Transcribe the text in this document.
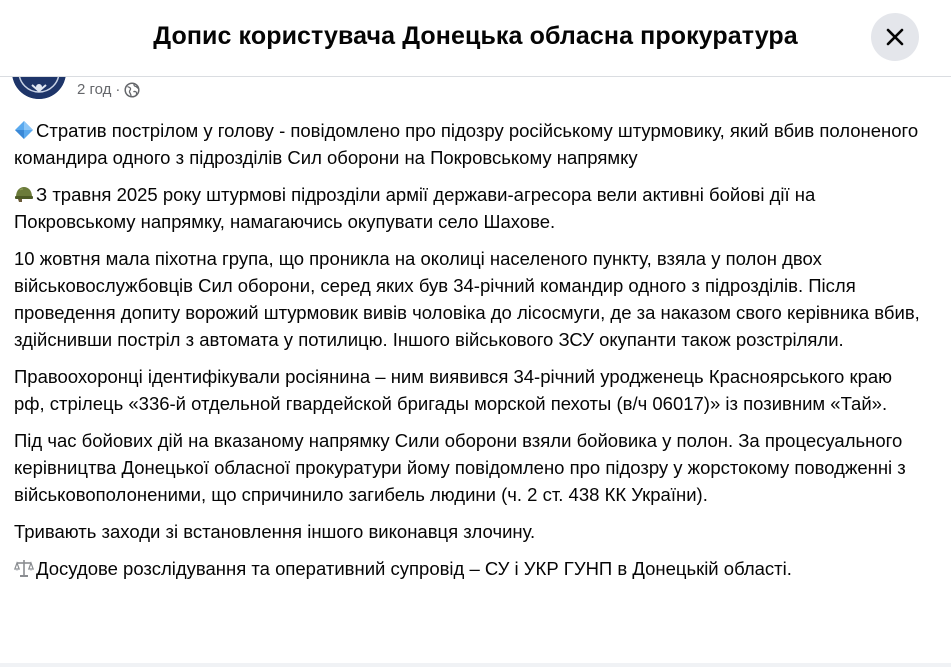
Допис користувача Донецька обласна прокуратура
2 год ·

Стратив пострілом у голову - повідомлено про підозру російському штурмовику, який вбив полоненого командира одного з підрозділів Сил оборони на Покровському напрямку

З травня 2025 року штурмові підрозділи армії держави-агресора вели активні бойові дії на Покровському напрямку, намагаючись окупувати село Шахове.

10 жовтня мала піхотна група, що проникла на околиці населеного пункту, взяла у полон двох військовослужбовців Сил оборони, серед яких був 34-річний командир одного з підрозділів. Після проведення допиту ворожий штурмовик вивів чоловіка до лісосмуги, де за наказом свого керівника вбив, здійснивши постріл з автомата у потилицю. Іншого військового ЗСУ окупанти також розстріляли.

Правоохоронці ідентифікували росіянина – ним виявився 34-річний уродженець Красноярського краю рф, стрілець «336-й отдельной гвардейской бригады морской пехоты (в/ч 06017)» із позивним «Тай».

Під час бойових дій на вказаному напрямку Сили оборони взяли бойовика у полон. За процесуального керівництва Донецької обласної прокуратури йому повідомлено про підозру у жорстокому поводженні з військовополоненими, що спричинило загибель людини (ч. 2 ст. 438 КК України).

Тривають заходи зі встановлення іншого виконавця злочину.

Досудове розслідування та оперативний супровід – СУ і УКР ГУНП в Донецькій області.
